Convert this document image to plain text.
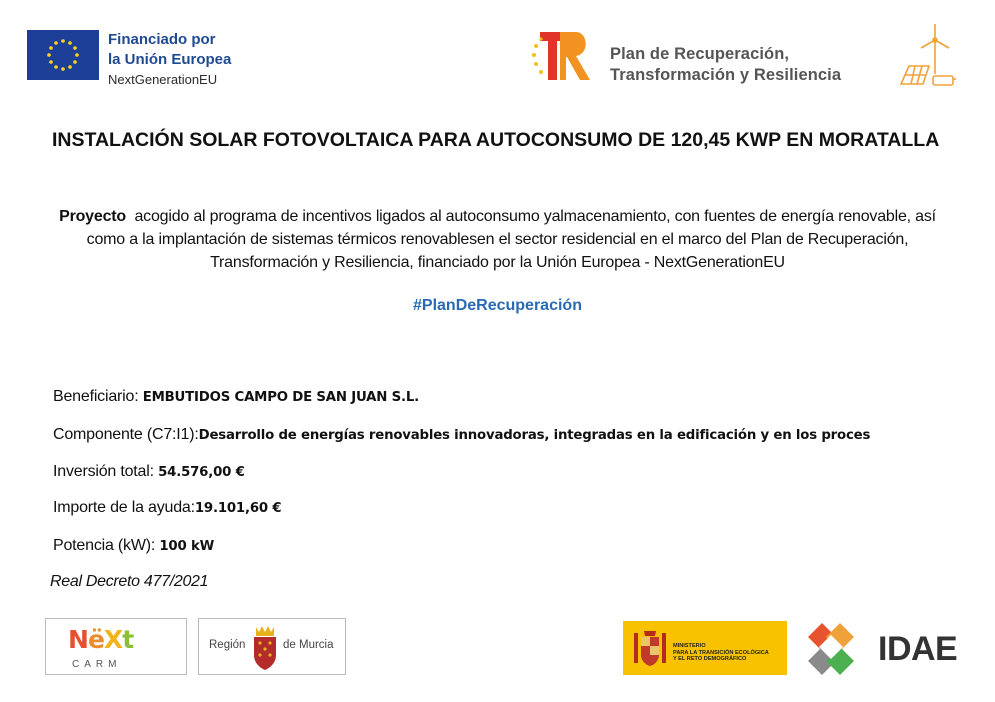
Financiado por
la Unión Europea
NextGenerationEU
Plan de Recuperación,
Transformación y Resiliencia
INSTALACIÓN SOLAR FOTOVOLTAICA PARA AUTOCONSUMO DE 120,45 KWP EN MORATALLA
Proyecto acogido al programa de incentivos ligados al autoconsumo yalmacenamiento, con fuentes de energía renovable, así como a la implantación de sistemas térmicos renovablesen el sector residencial en el marco del Plan de Recuperación, Transformación y Resiliencia, financiado por la Unión Europea - NextGenerationEU
#PlanDeRecuperación
Beneficiario: EMBUTIDOS CAMPO DE SAN JUAN S.L.
Componente (C7:I1):Desarrollo de energías renovables innovadoras, integradas en la edificación y en los proces
Inversión total: 54.576,00 €
Importe de la ayuda:19.101,60 €
Potencia (kW): 100 kW
Real Decreto 477/2021
NëXt
CARM
Región	de Murcia	MINISTERIO
PARA LA TRANSICIÓN ECOLÓGICA
Y EL RETO DEMOGRÁFICO	IDAE
